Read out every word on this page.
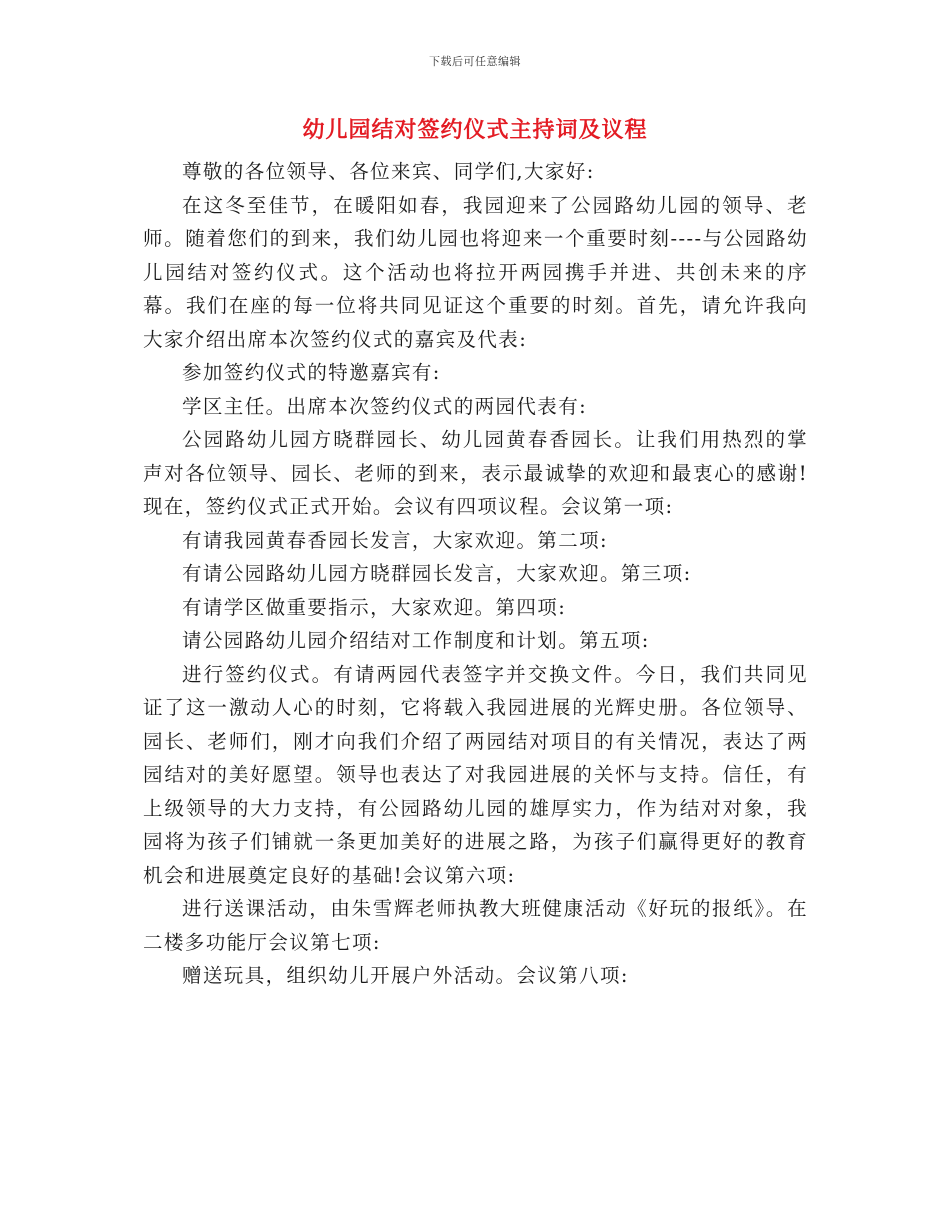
下载后可任意编辑
幼儿园结对签约仪式主持词及议程

尊敬的各位领导、各位来宾、同学们,大家好:

在这冬至佳节，在暖阳如春，我园迎来了公园路幼儿园的领导、老师。随着您们的到来，我们幼儿园也将迎来一个重要时刻----与公园路幼儿园结对签约仪式。这个活动也将拉开两园携手并进、共创未来的序幕。我们在座的每一位将共同见证这个重要的时刻。首先，请允许我向大家介绍出席本次签约仪式的嘉宾及代表:

参加签约仪式的特邀嘉宾有:

学区主任。出席本次签约仪式的两园代表有:

公园路幼儿园方晓群园长、幼儿园黄春香园长。让我们用热烈的掌声对各位领导、园长、老师的到来，表示最诚挚的欢迎和最衷心的感谢!现在，签约仪式正式开始。会议有四项议程。会议第一项:

有请我园黄春香园长发言，大家欢迎。第二项:

有请公园路幼儿园方晓群园长发言，大家欢迎。第三项:

有请学区做重要指示，大家欢迎。第四项:

请公园路幼儿园介绍结对工作制度和计划。第五项:

进行签约仪式。有请两园代表签字并交换文件。今日，我们共同见证了这一激动人心的时刻，它将载入我园进展的光辉史册。各位领导、园长、老师们，刚才向我们介绍了两园结对项目的有关情况，表达了两园结对的美好愿望。领导也表达了对我园进展的关怀与支持。信任，有上级领导的大力支持，有公园路幼儿园的雄厚实力，作为结对对象，我园将为孩子们铺就一条更加美好的进展之路，为孩子们赢得更好的教育机会和进展奠定良好的基础!会议第六项:

进行送课活动，由朱雪辉老师执教大班健康活动《好玩的报纸》。在二楼多功能厅会议第七项:

赠送玩具，组织幼儿开展户外活动。会议第八项:
